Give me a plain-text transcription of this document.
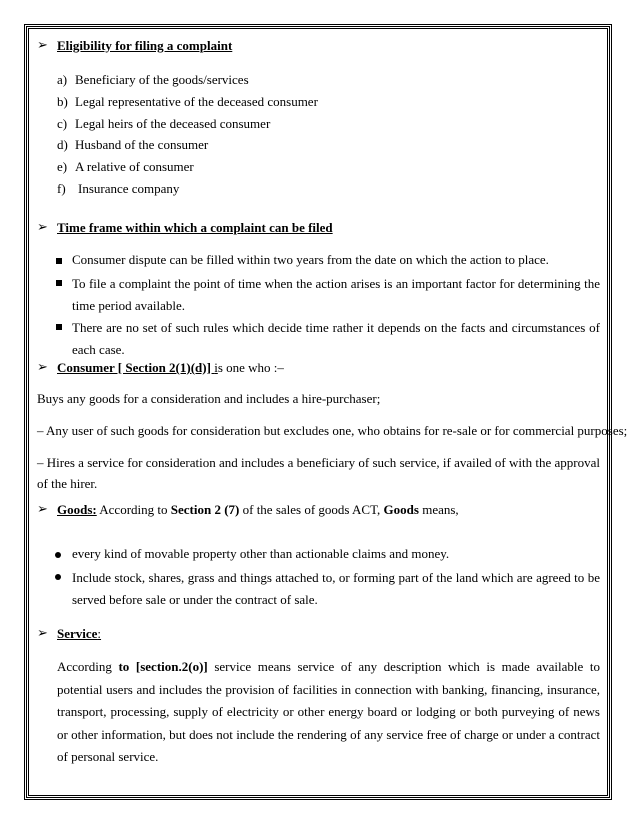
➢ Eligibility for filing a complaint
a) Beneficiary of the goods/services
b) Legal representative of the deceased consumer
c) Legal heirs of the deceased consumer
d) Husband of the consumer
e) A relative of consumer
f) Insurance company
➢ Time frame within which a complaint can be filed
Consumer dispute can be filled within two years from the date on which the action to place.
To file a complaint the point of time when the action arises is an important factor for determining the time period available.
There are no set of such rules which decide time rather it depends on the facts and circumstances of each case.
➢ Consumer [ Section 2(1)(d)] is one who :–
Buys any goods for a consideration and includes a hire-purchaser;
– Any user of such goods for consideration but excludes one, who obtains for re-sale or for commercial purposes;
– Hires a service for consideration and includes a beneficiary of such service, if availed of with the approval of the hirer.
➢ Goods: According to Section 2 (7) of the sales of goods ACT, Goods means,
every kind of movable property other than actionable claims and money.
Include stock, shares, grass and things attached to, or forming part of the land which are agreed to be served before sale or under the contract of sale.
➢ Service:
According to [section.2(o)] service means service of any description which is made available to potential users and includes the provision of facilities in connection with banking, financing, insurance, transport, processing, supply of electricity or other energy board or lodging or both purveying of news or other information, but does not include the rendering of any service free of charge or under a contract of personal service.
